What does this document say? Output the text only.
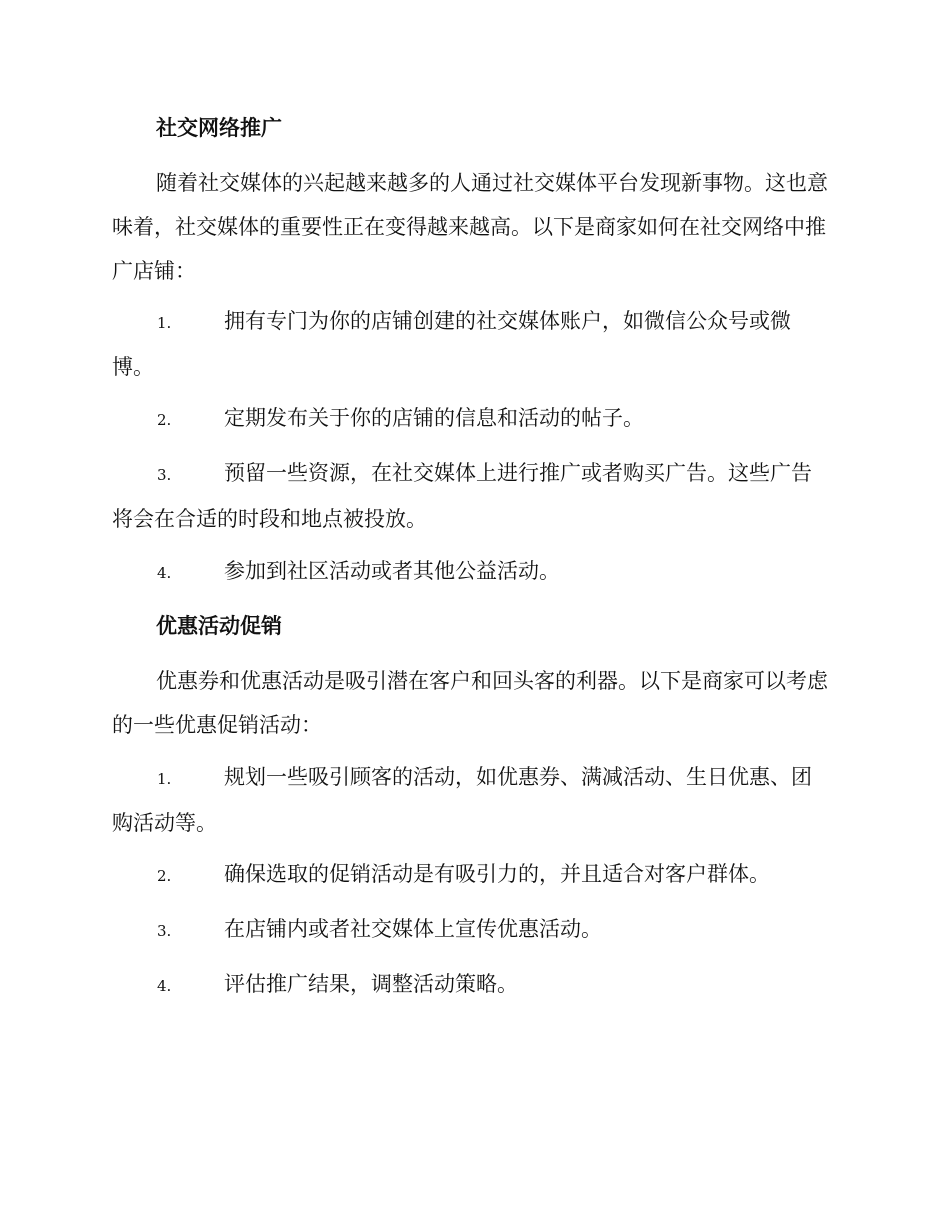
社交网络推广

随着社交媒体的兴起越来越多的人通过社交媒体平台发现新事物。这也意味着，社交媒体的重要性正在变得越来越高。以下是商家如何在社交网络中推广店铺：

1.	拥有专门为你的店铺创建的社交媒体账户，如微信公众号或微博。

2.	定期发布关于你的店铺的信息和活动的帖子。

3.	预留一些资源，在社交媒体上进行推广或者购买广告。这些广告将会在合适的时段和地点被投放。

4.	参加到社区活动或者其他公益活动。

优惠活动促销

优惠券和优惠活动是吸引潜在客户和回头客的利器。以下是商家可以考虑的一些优惠促销活动：

1.	规划一些吸引顾客的活动，如优惠券、满减活动、生日优惠、团购活动等。

2.	确保选取的促销活动是有吸引力的，并且适合对客户群体。

3.	在店铺内或者社交媒体上宣传优惠活动。

4.	评估推广结果，调整活动策略。
